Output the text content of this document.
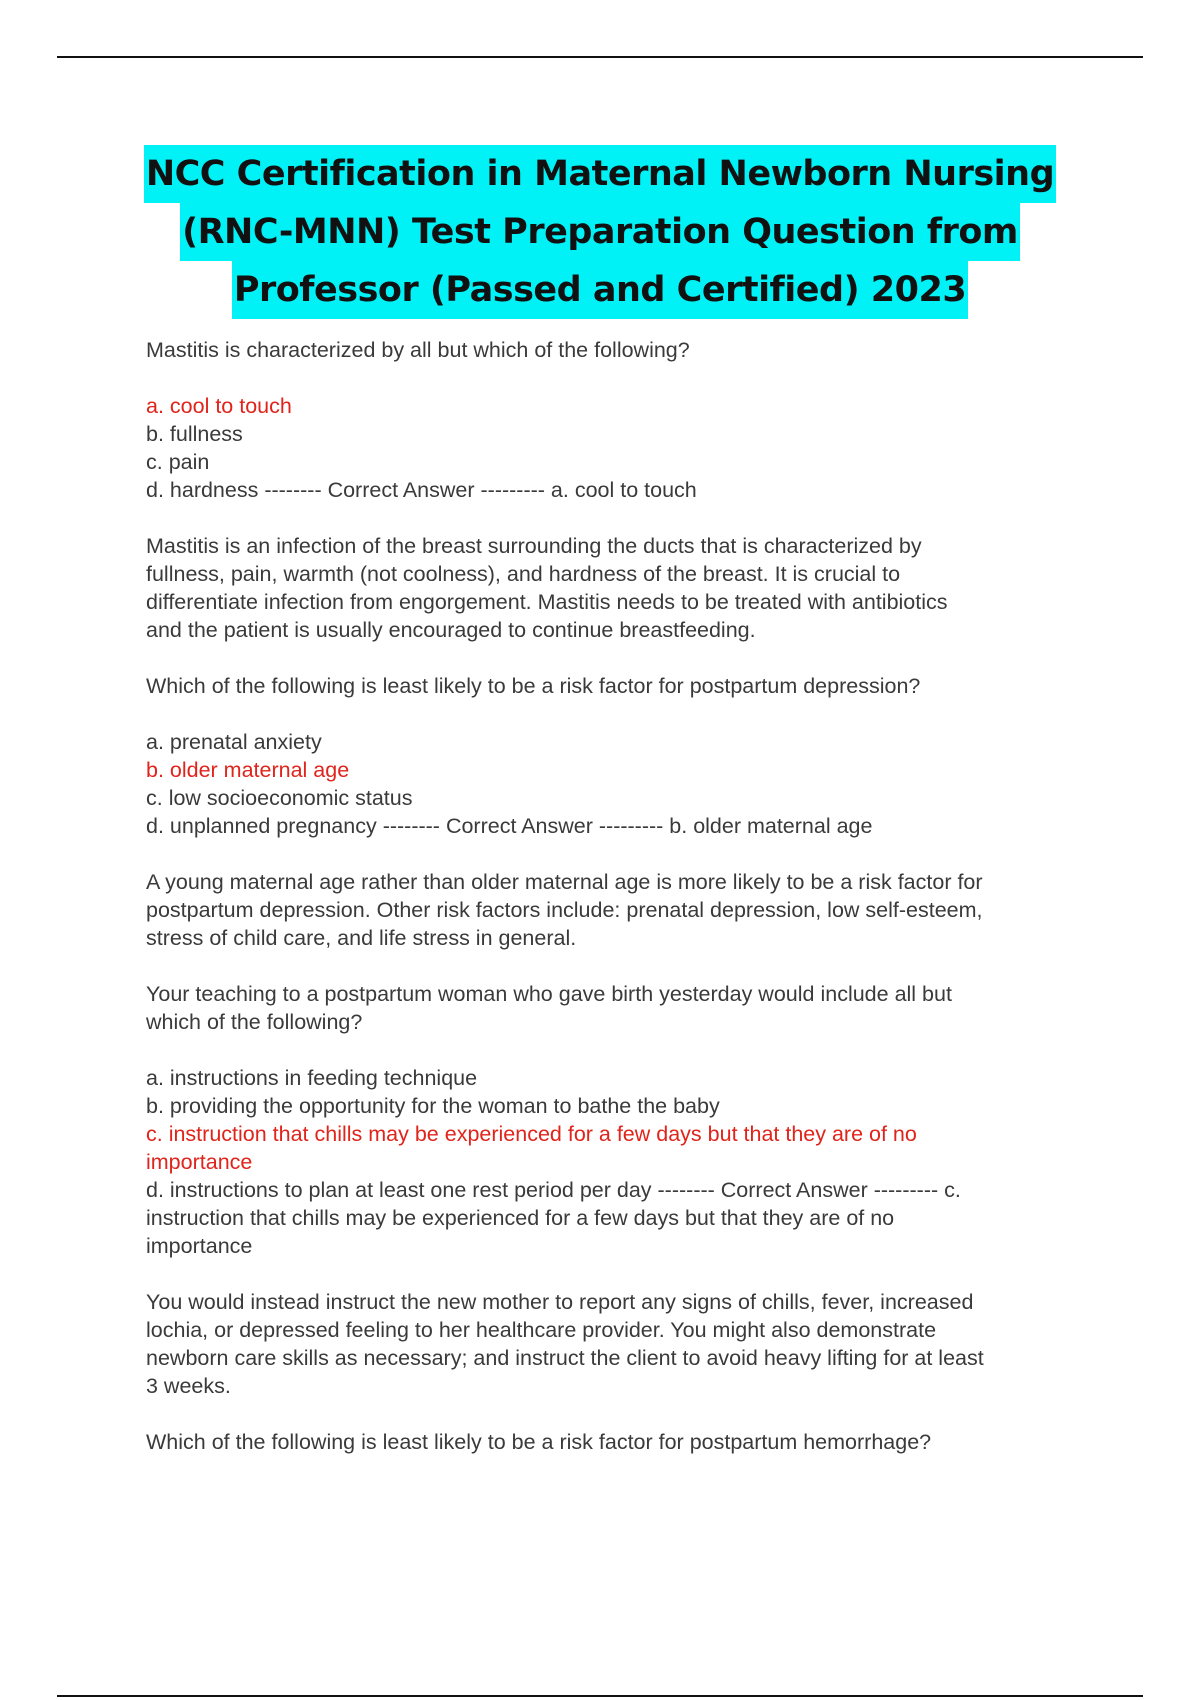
NCC Certification in Maternal Newborn Nursing
(RNC-MNN) Test Preparation Question from
Professor (Passed and Certified) 2023

Mastitis is characterized by all but which of the following?

a. cool to touch

b. fullness

c. pain

d. hardness -------- Correct Answer --------- a. cool to touch

Mastitis is an infection of the breast surrounding the ducts that is characterized by

fullness, pain, warmth (not coolness), and hardness of the breast. It is crucial to

differentiate infection from engorgement. Mastitis needs to be treated with antibiotics

and the patient is usually encouraged to continue breastfeeding.

Which of the following is least likely to be a risk factor for postpartum depression?

a. prenatal anxiety

b. older maternal age

c. low socioeconomic status

d. unplanned pregnancy -------- Correct Answer --------- b. older maternal age

A young maternal age rather than older maternal age is more likely to be a risk factor for

postpartum depression. Other risk factors include: prenatal depression, low self-esteem,

stress of child care, and life stress in general.

Your teaching to a postpartum woman who gave birth yesterday would include all but

which of the following?

a. instructions in feeding technique

b. providing the opportunity for the woman to bathe the baby

c. instruction that chills may be experienced for a few days but that they are of no

importance

d. instructions to plan at least one rest period per day -------- Correct Answer --------- c.

instruction that chills may be experienced for a few days but that they are of no

importance

You would instead instruct the new mother to report any signs of chills, fever, increased

lochia, or depressed feeling to her healthcare provider. You might also demonstrate

newborn care skills as necessary; and instruct the client to avoid heavy lifting for at least

3 weeks.

Which of the following is least likely to be a risk factor for postpartum hemorrhage?
